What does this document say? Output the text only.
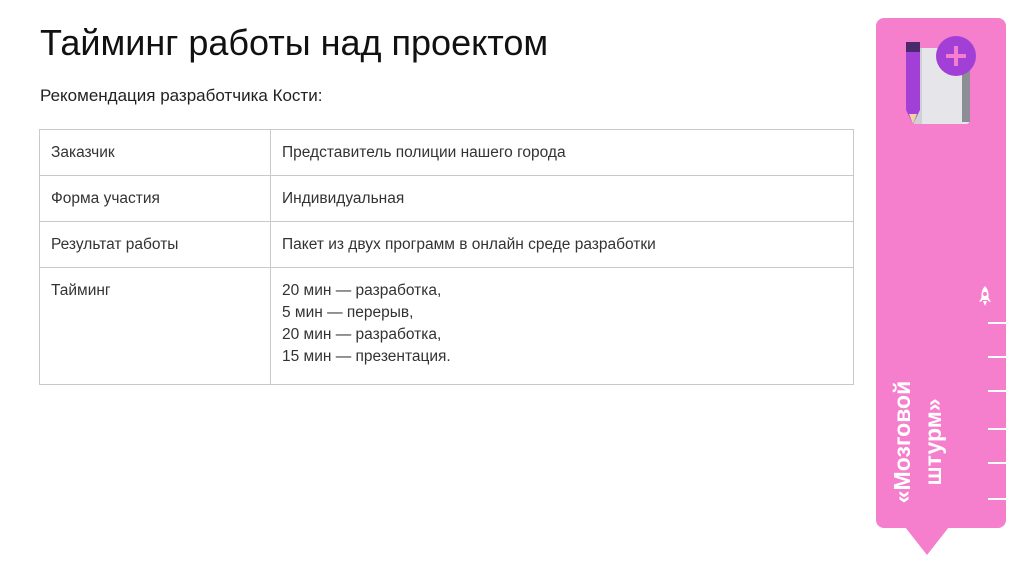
Тайминг работы над проектом
Рекомендация разработчика Кости:
Заказчик	Представитель полиции нашего города
Форма участия	Индивидуальная
Результат работы	Пакет из двух программ в онлайн среде разработки
Тайминг	20 мин — разработка,
5 мин — перерыв,
20 мин — разработка,
15 мин — презентация.
«Мозговой штурм»
